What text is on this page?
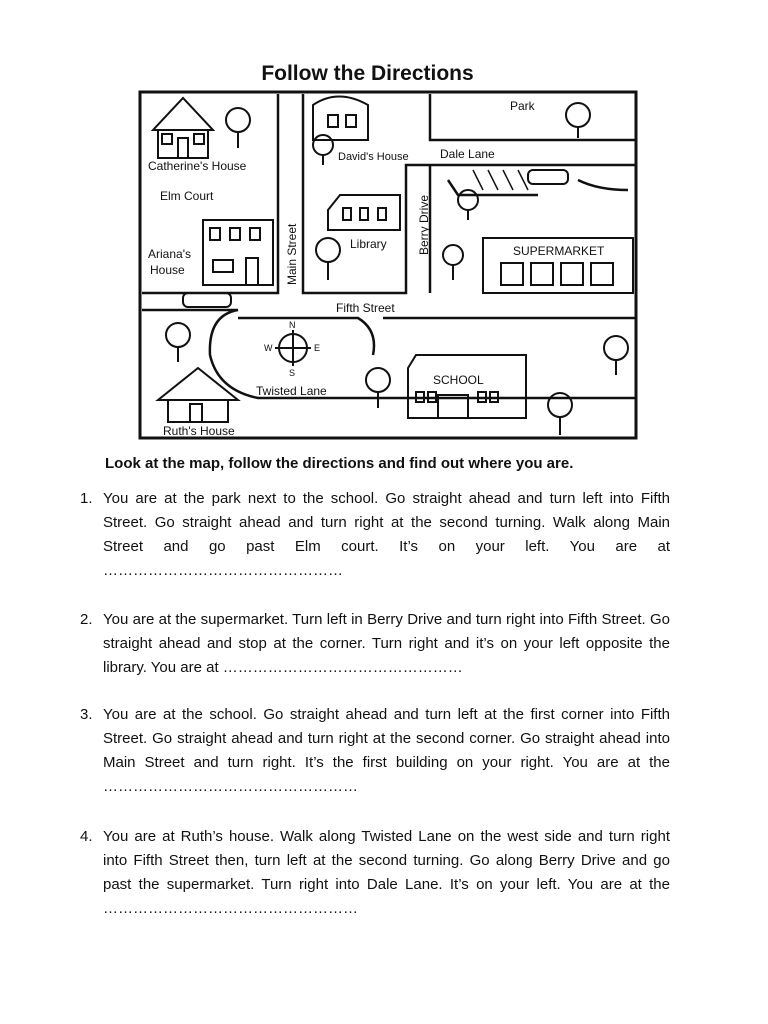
Follow the Directions
Catherine's House
David's House
Elm Court
Ariana's
House
Library
Main Street	Berry Drive
Park
Dale Lane
SUPERMARKET
Fifth Street
SCHOOL
Twisted Lane
Ruth's House
N
S
E
W
Look at the map, follow the directions and find out where you are.
1. You are at the park next to the school. Go straight ahead and turn left into Fifth Street. Go straight ahead and turn right at the second turning. Walk along Main Street and go past Elm court. It’s on your left. You are at …………………………………………
2. You are at the supermarket. Turn left in Berry Drive and turn right into Fifth Street. Go straight ahead and stop at the corner. Turn right and it’s on your left opposite the library. You are at …………………………………………
3. You are at the school. Go straight ahead and turn left at the first corner into Fifth Street. Go straight ahead and turn right at the second corner. Go straight ahead into Main Street and turn right. It’s the first building on your right. You are at the ……………………………………………
4. You are at Ruth’s house. Walk along Twisted Lane on the west side and turn right into Fifth Street then, turn left at the second turning. Go along Berry Drive and go past the supermarket. Turn right into Dale Lane. It’s on your left. You are at the ……………………………………………
